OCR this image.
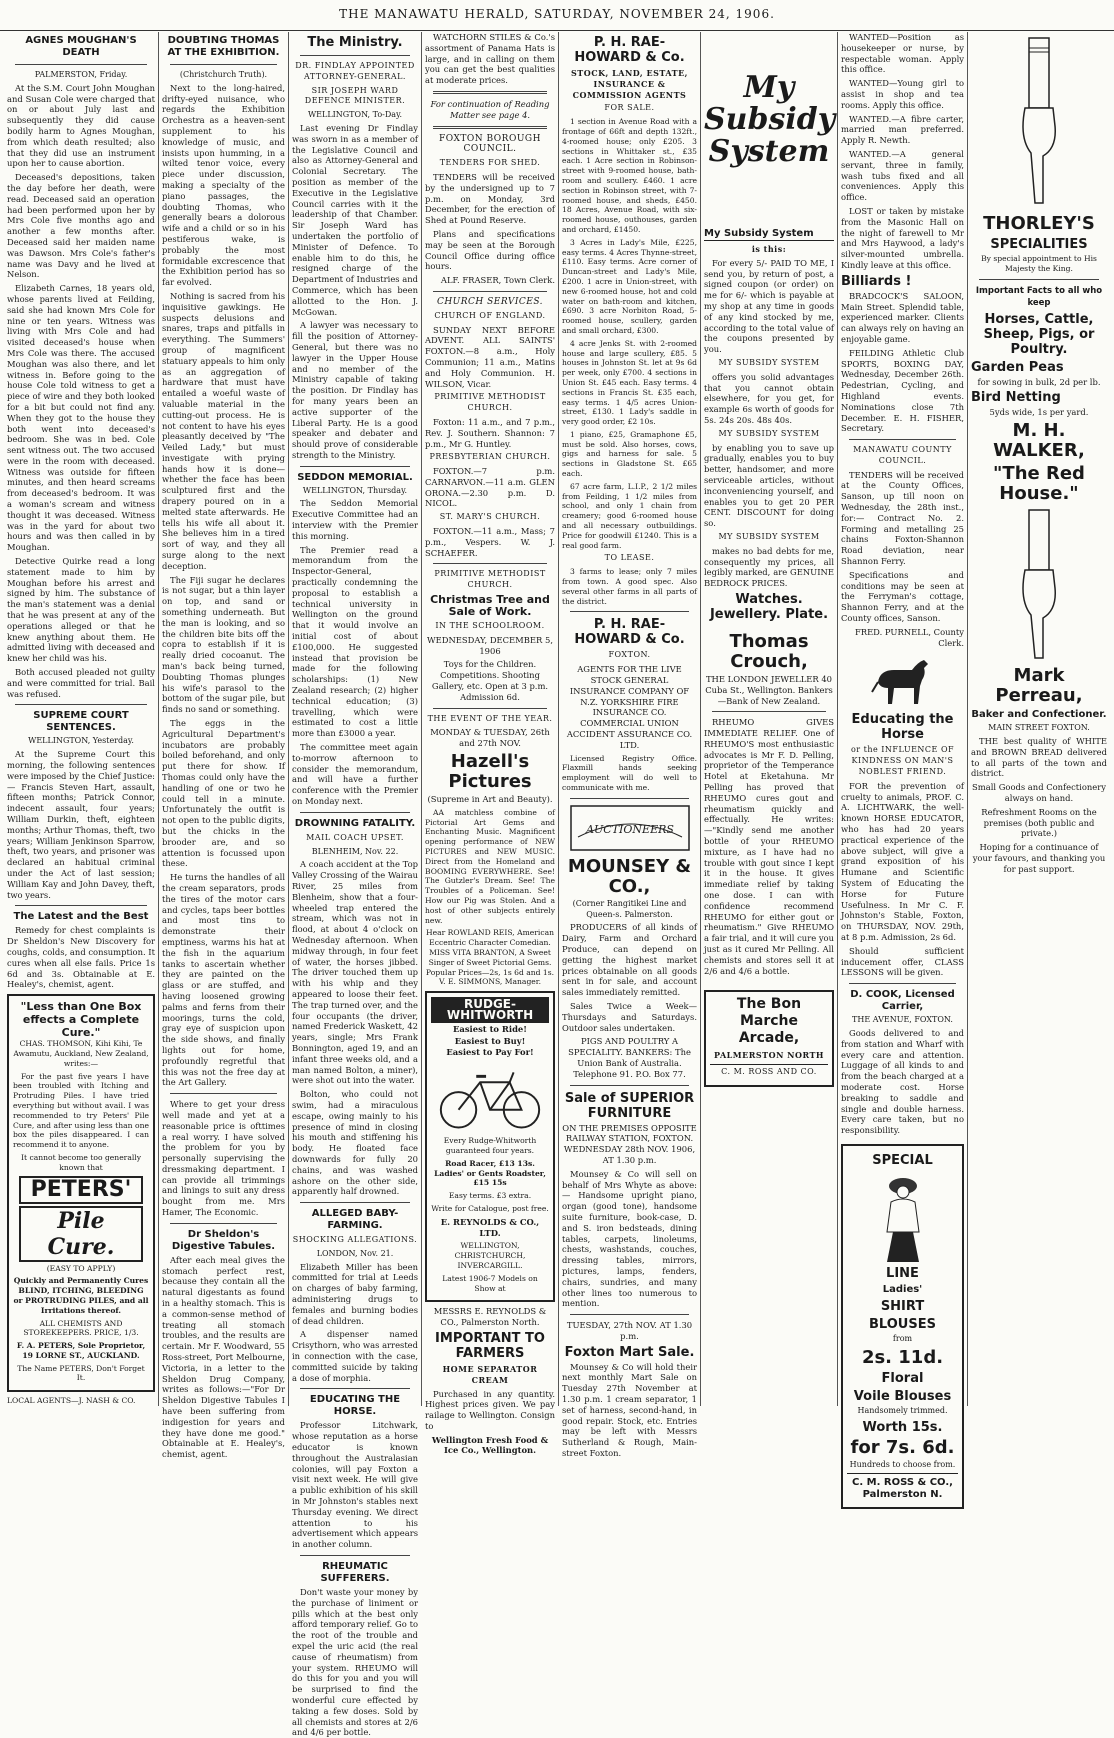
THE MANAWATU HERALD, SATURDAY, NOVEMBER 24, 1906.
AGNES MOUGHAN'S DEATH
PALMERSTON, Friday.

At the S.M. Court John Moughan and Susan Cole were charged that on or about July last and subsequently they did cause bodily harm to Agnes Moughan, from which death resulted; also that they did use an instrument upon her to cause abortion.

Deceased's depositions, taken the day before her death, were read. Deceased said an operation had been performed upon her by Mrs Cole five months ago and another a few months after. Deceased said her maiden name was Dawson. Mrs Cole's father's name was Davy and he lived at Nelson.

Elizabeth Carnes, 18 years old, whose parents lived at Feilding, said she had known Mrs Cole for nine or ten years. Witness was living with Mrs Cole and had visited deceased's house when Mrs Cole was there. The accused Moughan was also there, and let witness in. Before going to the house Cole told witness to get a piece of wire and they both looked for a bit but could not find any. When they got to the house they both went into deceased's bedroom. She was in bed. Cole sent witness out. The two accused were in the room with deceased. Witness was outside for fifteen minutes, and then heard screams from deceased's bedroom. It was a woman's scream and witness thought it was deceased. Witness was in the yard for about two hours and was then called in by Moughan.

Detective Quirke read a long statement made to him by Moughan before his arrest and signed by him. The substance of the man's statement was a denial that he was present at any of the operations alleged or that he knew anything about them. He admitted living with deceased and knew her child was his.

Both accused pleaded not guilty and were committed for trial. Bail was refused.

SUPREME COURT SENTENCES.
WELLINGTON, Yesterday.

At the Supreme Court this morning, the following sentences were imposed by the Chief Justice:— Francis Steven Hart, assault, fifteen months; Patrick Connor, indecent assault, four years; William Durkin, theft, eighteen months; Arthur Thomas, theft, two years; William Jenkinson Sparrow, theft, two years, and prisoner was declared an habitual criminal under the Act of last session; William Kay and John Davey, theft, two years.

The Latest and the Best

Remedy for chest complaints is Dr Sheldon's New Discovery for coughs, colds, and consumption. It cures when all else fails. Price 1s 6d and 3s. Obtainable at E. Healey's, chemist, agent.

"Less than One Box effects a Complete Cure."

CHAS. THOMSON, Kihi Kihi, Te Awamutu, Auckland, New Zealand, writes:—

For the past five years I have been troubled with Itching and Protruding Piles. I have tried everything but without avail. I was recommended to try Peters' Pile Cure, and after using less than one box the piles disappeared. I can recommend it to anyone.

It cannot become too generally known that

PETERS'
Pile Cure.

(EASY TO APPLY)

Quickly and Permanently Cures BLIND, ITCHING, BLEEDING or PROTRUDING PILES, and all Irritations thereof.

ALL CHEMISTS AND STOREKEEPERS. PRICE, 1/3.

F. A. PETERS, Sole Proprietor, 19 LORNE ST., AUCKLAND.

The Name PETERS, Don't Forget It.

LOCAL AGENTS—J. NASH & CO.

DOUBTING THOMAS AT THE EXHIBITION.
(Christchurch Truth).

Next to the long-haired, drifty-eyed nuisance, who regards the Exhibition Orchestra as a heaven-sent supplement to his knowledge of music, and insists upon humming, in a wilted tenor voice, every piece under discussion, making a specialty of the piano passages, the doubting Thomas, who generally bears a dolorous wife and a child or so in his pestiferous wake, is probably the most formidable excrescence that the Exhibition period has so far evolved.

Nothing is sacred from his inquisitive gawkings. He suspects delusions and snares, traps and pitfalls in everything. The Summers' group of magnificent statuary appeals to him only as an aggregation of hardware that must have entailed a woeful waste of valuable material in the cutting-out process. He is not content to have his eyes pleasantly deceived by "The Veiled Lady," but must investigate with prying hands how it is done—whether the face has been sculptured first and the drapery poured on in a melted state afterwards. He tells his wife all about it. She believes him in a tired sort of way, and they all surge along to the next deception.

The Fiji sugar he declares is not sugar, but a thin layer on top, and sand or something underneath. But the man is looking, and so the children bite bits off the copra to establish if it is really dried cocoanut. The man's back being turned, Doubting Thomas plunges his wife's parasol to the bottom of the sugar pile, but finds no sand or something.

The eggs in the Agricultural Department's incubators are probably boiled beforehand, and only put there for show. If Thomas could only have the handling of one or two he could tell in a minute. Unfortunately the outfit is not open to the public digits, but the chicks in the brooder are, and so attention is focussed upon these.

He turns the handles of all the cream separators, prods the tires of the motor cars and cycles, taps beer bottles and most tins to demonstrate their emptiness, warms his hat at the fish in the aquarium tanks to ascertain whether they are painted on the glass or are stuffed, and having loosened growing palms and ferns from their moorings, turns the cold, gray eye of suspicion upon the side shows, and finally lights out for home, profoundly regretful that this was not the free day at the Art Gallery.

Where to get your dress well made and yet at a reasonable price is ofttimes a real worry. I have solved the problem for you by personally supervising the dressmaking department. I can provide all trimmings and linings to suit any dress bought from me. Mrs Hamer, The Economic.

Dr Sheldon's Digestive Tabules.

After each meal gives the stomach perfect rest, because they contain all the natural digestants as found in a healthy stomach. This is a common-sense method of treating all stomach troubles, and the results are certain. Mr F. Woodward, 55 Ross-street, Port Melbourne, Victoria, in a letter to the Sheldon Drug Company, writes as follows:—"For Dr Sheldon Digestive Tabules I have been suffering from indigestion for years and they have done me good." Obtainable at E. Healey's, chemist, agent.

The Ministry.
DR. FINDLAY APPOINTED ATTORNEY-GENERAL.
SIR JOSEPH WARD DEFENCE MINISTER.
WELLINGTON, To-Day.

Last evening Dr Findlay was sworn in as a member of the Legislative Council and also as Attorney-General and Colonial Secretary. The position as member of the Executive in the Legislative Council carries with it the leadership of that Chamber. Sir Joseph Ward has undertaken the portfolio of Minister of Defence. To enable him to do this, he resigned charge of the Department of Industries and Commerce, which has been allotted to the Hon. J. McGowan.

A lawyer was necessary to fill the position of Attorney-General, but there was no lawyer in the Upper House and no member of the Ministry capable of taking the position. Dr Findlay has for many years been an active supporter of the Liberal Party. He is a good speaker and debater and should prove of considerable strength to the Ministry.

SEDDON MEMORIAL.
WELLINGTON, Thursday.

The Seddon Memorial Executive Committee had an interview with the Premier this morning.

The Premier read a memorandum from the Inspector-General, practically condemning the proposal to establish a technical university in Wellington on the ground that it would involve an initial cost of about £100,000. He suggested instead that provision be made for the following scholarships: (1) New Zealand research; (2) higher technical education; (3) travelling, which were estimated to cost a little more than £3000 a year.

The committee meet again to-morrow afternoon to consider the memorandum, and will have a further conference with the Premier on Monday next.

DROWNING FATALITY.
MAIL COACH UPSET.
BLENHEIM, Nov. 22.

A coach accident at the Top Valley Crossing of the Wairau River, 25 miles from Blenheim, show that a four-wheeled trap entered the stream, which was not in flood, at about 4 o'clock on Wednesday afternoon. When midway through, in four feet of water, the horses jibbed. The driver touched them up with his whip and they appeared to loose their feet. The trap turned over, and the four occupants (the driver, named Frederick Waskett, 42 years, single; Mrs Frank Bonnington, aged 19, and an infant three weeks old, and a man named Bolton, a miner), were shot out into the water.

Bolton, who could not swim, had a miraculous escape, owing mainly to his presence of mind in closing his mouth and stiffening his body. He floated face downwards for fully 20 chains, and was washed ashore on the other side, apparently half drowned.

ALLEGED BABY-FARMING.
SHOCKING ALLEGATIONS.
LONDON, Nov. 21.

Elizabeth Miller has been committed for trial at Leeds on charges of baby farming, administering drugs to females and burning bodies of dead children.

A dispenser named Crisythorn, who was arrested in connection with the case, committed suicide by taking a dose of morphia.

EDUCATING THE HORSE.

Professor Litchwark, whose reputation as a horse educator is known throughout the Australasian colonies, will pay Foxton a visit next week. He will give a public exhibition of his skill in Mr Johnston's stables next Thursday evening. We direct attention to his advertisement which appears in another column.

RHEUMATIC SUFFERERS.

Don't waste your money by the purchase of liniment or pills which at the best only afford temporary relief. Go to the root of the trouble and expel the uric acid (the real cause of rheumatism) from your system. RHEUMO will do this for you and you will be surprised to find the wonderful cure effected by taking a few doses. Sold by all chemists and stores at 2/6 and 4/6 per bottle.

WATCHORN STILES & Co.'s assortment of Panama Hats is large, and in calling on them you can get the best qualities at moderate prices.

For continuation of Reading Matter see page 4.

FOXTON BOROUGH COUNCIL.
TENDERS FOR SHED.

TENDERS will be received by the undersigned up to 7 p.m. on Monday, 3rd December, for the erection of Shed at Pound Reserve.

Plans and specifications may be seen at the Borough Council Office during office hours.

ALF. FRASER, Town Clerk.

CHURCH SERVICES.
CHURCH OF ENGLAND.

SUNDAY NEXT BEFORE ADVENT. ALL SAINTS' FOXTON.—8 a.m., Holy Communion; 11 a.m., Matins and Holy Communion. H. WILSON, Vicar.

PRIMITIVE METHODIST CHURCH.

Foxton: 11 a.m., and 7 p.m., Rev. J. Southern. Shannon: 7 p.m., Mr G. Huntley.

PRESBYTERIAN CHURCH.

FOXTON.—7 p.m. CARNARVON.—11 a.m. GLEN ORONA.—2.30 p.m. D. NICOL.

ST. MARY'S CHURCH.

FOXTON.—11 a.m., Mass; 7 p.m., Vespers. W. J. SCHAEFER.

PRIMITIVE METHODIST CHURCH.
Christmas Tree and Sale of Work.
IN THE SCHOOLROOM.

WEDNESDAY, DECEMBER 5, 1906

Toys for the Children. Competitions. Shooting Gallery, etc. Open at 3 p.m. Admission 6d.

THE EVENT OF THE YEAR.

MONDAY & TUESDAY, 26th and 27th NOV.

Hazell's Pictures

(Supreme in Art and Beauty).

AA matchless combine of Pictorial Art Gems and Enchanting Music. Magnificent opening performance of NEW PICTURES and NEW MUSIC. Direct from the Homeland and BOOMING EVERYWHERE. See! The Gutzler's Dream. See! The Troubles of a Policeman. See! How our Pig was Stolen. And a host of other subjects entirely new.

Hear ROWLAND REIS, American Eccentric Character Comedian. MISS VITA BRANTON, A Sweet Singer of Sweet Pictorial Gems. Popular Prices—2s, 1s 6d and 1s. V. E. SIMMONS, Manager.

RUDGE-WHITWORTH

Easiest to Ride!

Easiest to Buy!

Easiest to Pay For!

Every Rudge-Whitworth guaranteed four years.

Road Racer, £13 13s. Ladies' or Gents Roadster, £15 15s

Easy terms. £3 extra.

Write for Catalogue, post free.

E. REYNOLDS & CO., LTD.

WELLINGTON, CHRISTCHURCH, INVERCARGILL.

Latest 1906-7 Models on Show at

MESSRS E. REYNOLDS & CO., Palmerston North.

IMPORTANT TO FARMERS
HOME SEPARATOR CREAM

Purchased in any quantity. Highest prices given. We pay railage to Wellington. Consign to

Wellington Fresh Food & Ice Co., Wellington.

P. H. RAE-HOWARD & Co.
STOCK, LAND, ESTATE, INSURANCE & COMMISSION AGENTS
FOR SALE.

1 section in Avenue Road with a frontage of 66ft and depth 132ft., 4-roomed house; only £205. 3 sections in Whittaker st., £35 each. 1 Acre section in Robinson-street with 9-roomed house, bath-room and scullery. £460. 1 acre section in Robinson street, with 7-roomed house, and sheds, £450. 18 Acres, Avenue Road, with six-roomed house, outhouses, garden and orchard, £1450.

3 Acres in Lady's Mile, £225, easy terms. 4 Acres Thynne-street, £110. Easy terms. Acre corner of Duncan-street and Lady's Mile, £200. 1 acre in Union-street, with new 6-roomed house, hot and cold water on bath-room and kitchen, £690. 3 acre Norbiton Road, 5-roomed house, scullery, garden and small orchard, £300.

4 acre Jenks St. with 2-roomed house and large scullery, £85. 5 houses in Johnston St. let at 9s 6d per week, only £700. 4 sections in Union St. £45 each. Easy terms. 4 sections in Francis St. £35 each, easy terms. 1 4/5 acres Union-street, £130. 1 Lady's saddle in very good order, £2 10s.

1 piano, £25, Gramaphone £5, must be sold. Also horses, cows, gigs and harness for sale. 5 sections in Gladstone St. £65 each.

67 acre farm, L.I.P., 2 1/2 miles from Feilding, 1 1/2 miles from school, and only 1 chain from creamery; good 6-roomed house and all necessary outbuildings. Price for goodwill £1240. This is a real good farm.

TO LEASE.

3 farms to lease; only 7 miles from town. A good spec. Also several other farms in all parts of the district.

P. H. RAE-HOWARD & Co.
FOXTON.

AGENTS FOR THE LIVE STOCK GENERAL INSURANCE COMPANY OF N.Z. YORKSHIRE FIRE INSURANCE CO. COMMERCIAL UNION ACCIDENT ASSURANCE CO. LTD.

Licensed Registry Office. Flaxmill hands seeking employment will do well to communicate with me.

AUCTIONEERS
MOUNSEY & CO.,
(Corner Rangitikei Line and Queen-s. Palmerston.

PRODUCERS of all kinds of Dairy, Farm and Orchard Produce, can depend on getting the highest market prices obtainable on all goods sent in for sale, and account sales immediately remitted.

Sales Twice a Week—Thursdays and Saturdays. Outdoor sales undertaken.

PIGS AND POULTRY A SPECIALITY. BANKERS: The Union Bank of Australia. Telephone 91. P.O. Box 77.

Sale of SUPERIOR FURNITURE

ON THE PREMISES OPPOSITE RAILWAY STATION, FOXTON. WEDNESDAY 28th NOV. 1906, AT 1.30 p.m.

Mounsey & Co will sell on behalf of Mrs Whyte as above:— Handsome upright piano, organ (good tone), handsome suite furniture, book-case, D. and S. iron bedsteads, dining tables, carpets, linoleums, chests, washstands, couches, dressing tables, mirrors, pictures, lamps, fenders, chairs, sundries, and many other lines too numerous to mention.

TUESDAY, 27th NOV. AT 1.30 p.m.

Foxton Mart Sale.

Mounsey & Co will hold their next monthly Mart Sale on Tuesday 27th November at 1.30 p.m. 1 cream separator, 1 set of harness, second-hand, in good repair. Stock, etc. Entries may be left with Messrs Sutherland & Rough, Main-street Foxton.

My
Subsidy
System
My Subsidy System
is this:

For every 5/- PAID TO ME, I send you, by return of post, a signed coupon (or order) on me for 6/- which is payable at my shop at any time in goods of any kind stocked by me, according to the total value of the coupons presented by you.

MY SUBSIDY SYSTEM

offers you solid advantages that you cannot obtain elsewhere, for you get, for example 6s worth of goods for 5s. 24s 20s. 48s 40s.

MY SUBSIDY SYSTEM

by enabling you to save up gradually, enables you to buy better, handsomer, and more serviceable articles, without inconveniencing yourself, and enables you to get 20 PER CENT. DISCOUNT for doing so.

MY SUBSIDY SYSTEM

makes no bad debts for me, consequently my prices, all legibly marked, are GENUINE BEDROCK PRICES.

Watches. Jewellery. Plate.
Thomas Crouch,

THE LONDON JEWELLER 40 Cuba St., Wellington. Bankers—Bank of New Zealand.

RHEUMO GIVES IMMEDIATE RELIEF. One of RHEUMO'S most enthusiastic advocates is Mr F. D. Pelling, proprietor of the Temperance Hotel at Eketahuna. Mr Pelling has proved that RHEUMO cures gout and rheumatism quickly and effectually. He writes:—"Kindly send me another bottle of your RHEUMO mixture, as I have had no trouble with gout since I kept it in the house. It gives immediate relief by taking one dose. I can with confidence recommend RHEUMO for either gout or rheumatism." Give RHEUMO a fair trial, and it will cure you just as it cured Mr Pelling. All chemists and stores sell it at 2/6 and 4/6 a bottle.

The Bon Marche
Arcade,
PALMERSTON NORTH
C. M. ROSS AND CO.

WANTED—Position as housekeeper or nurse, by respectable woman. Apply this office.

WANTED—Young girl to assist in shop and tea rooms. Apply this office.

WANTED.—A fibre carter, married man preferred. Apply R. Newth.

WANTED.—A general servant, three in family, wash tubs fixed and all conveniences. Apply this office.

LOST or taken by mistake from the Masonic Hall on the night of farewell to Mr and Mrs Haywood, a lady's silver-mounted umbrella. Kindly leave at this office.

Billiards !

BRADCOCK'S SALOON, Main Street. Splendid table, experienced marker. Clients can always rely on having an enjoyable game.

FEILDING Athletic Club SPORTS, BOXING DAY, Wednesday, December 26th. Pedestrian, Cycling, and Highland events. Nominations close 7th December. E. H. FISHER, Secretary.

MANAWATU COUNTY COUNCIL.

TENDERS will be received at the County Offices, Sanson, up till noon on Wednesday, the 28th inst., for:— Contract No. 2. Forming and metalling 25 chains Foxton-Shannon Road deviation, near Shannon Ferry.

Specifications and conditions may be seen at the Ferryman's cottage, Shannon Ferry, and at the County offices, Sanson.

FRED. PURNELL, County Clerk.

Educating the Horse
or the INFLUENCE OF KINDNESS ON MAN'S NOBLEST FRIEND.

FOR the prevention of cruelty to animals, PROF. C. A. LICHTWARK, the well-known HORSE EDUCATOR, who has had 20 years practical experience of the above subject, will give a grand exposition of his Humane and Scientific System of Educating the Horse for Future Usefulness. In Mr C. F. Johnston's Stable, Foxton, on THURSDAY, NOV. 29th, at 8 p.m. Admission, 2s 6d.

Should sufficient inducement offer, CLASS LESSONS will be given.

D. COOK, Licensed Carrier,
THE AVENUE, FOXTON.

Goods delivered to and from station and Wharf with every care and attention. Luggage of all kinds to and from the beach charged at a moderate cost. Horse breaking to saddle and single and double harness. Every care taken, but no responsibility.

SPECIAL
LINE
Ladies'
SHIRT
BLOUSES
from
2s. 11d.
Floral
Voile Blouses
Handsomely trimmed.
Worth 15s.
for 7s. 6d.
Hundreds to choose from.
C. M. ROSS & CO., Palmerston N.
THORLEY'S
SPECIALITIES

By special appointment to His Majesty the King.

Important Facts to all who keep
Horses, Cattle, Sheep, Pigs, or Poultry.
Garden Peas

for sowing in bulk, 2d per lb.

Bird Netting

5yds wide, 1s per yard.

M. H. WALKER,
"The Red House."
Mark Perreau,
Baker and Confectioner.
MAIN STREET FOXTON.

THE best quality of WHITE and BROWN BREAD delivered to all parts of the town and district.

Small Goods and Confectionery always on hand.

Refreshment Rooms on the premises (both public and private.)

Hoping for a continuance of your favours, and thanking you for past support.
